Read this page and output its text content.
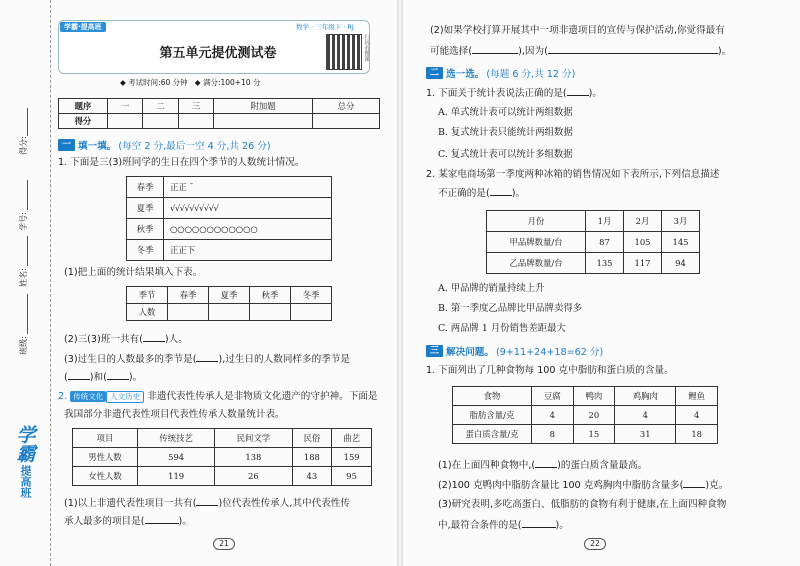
得分:
学号:
姓名:
班级:
学霸
提高班
学霸·提高班
第五单元提优测试卷
数学 · 三年级下 · RJ
扫码看微课
◆ 考试时间:60 分钟 ◆ 满分:100+10 分
题序	一	二	三	附加题	总分
得分					
一 填一填。 (每空 2 分,最后一空 4 分,共 26 分)
1. 下面是三(3)班同学的生日在四个季节的人数统计情况。
春季	正正 ˉ
夏季	√√√√√√√√√√
秋季	○○○○○○○○○○○○
冬季	正正下
(1)把上面的统计结果填入下表。
季节	春季	夏季	秋季	冬季
人数				
(2)三(3)班一共有( )人。
(3)过生日的人数最多的季节是( ),过生日的人数同样多的季节是
( )和( )。
2. 传统文化 人文历史 非遗代表性传承人是非物质文化遗产的守护神。下面是
我国部分非遗代表性项目代表性传承人数量统计表。
项目	传统技艺	民间文学	民俗	曲艺
男性人数	594	138	188	159
女性人数	119	26	43	95
(1)以上非遗代表性项目一共有( )位代表性传承人,其中代表性传
承人最多的项目是(	)。
21
(2)如果学校打算开展其中一项非遗项目的宣传与保护活动,你觉得最有
可能选择(	),因为(	)。
二 选一选。 (每题 6 分,共 12 分)
1. 下面关于统计表说法正确的是( )。
A. 单式统计表可以统计两组数据
B. 复式统计表只能统计两组数据
C. 复式统计表可以统计多组数据
2. 某家电商场第一季度两种冰箱的销售情况如下表所示,下列信息描述
不正确的是( )。
月份	1月	2月	3月
甲品牌数量/台	87	105	145
乙品牌数量/台	135	117	94
A. 甲品牌的销量持续上升
B. 第一季度乙品牌比甲品牌卖得多
C. 两品牌 1 月份销售差距最大
三 解决问题。 (9+11+24+18=62 分)
1. 下面列出了几种食物每 100 克中脂肪和蛋白质的含量。
食物	豆腐	鸭肉	鸡胸肉	鲤鱼
脂肪含量/克	4	20	4	4
蛋白质含量/克	8	15	31	18
(1)在上面四种食物中,( )的蛋白质含量最高。
(2)100 克鸭肉中脂肪含量比 100 克鸡胸肉中脂肪含量多( )克。
(3)研究表明,多吃高蛋白、低脂肪的食物有利于健康,在上面四种食物
中,最符合条件的是(	)。
22
